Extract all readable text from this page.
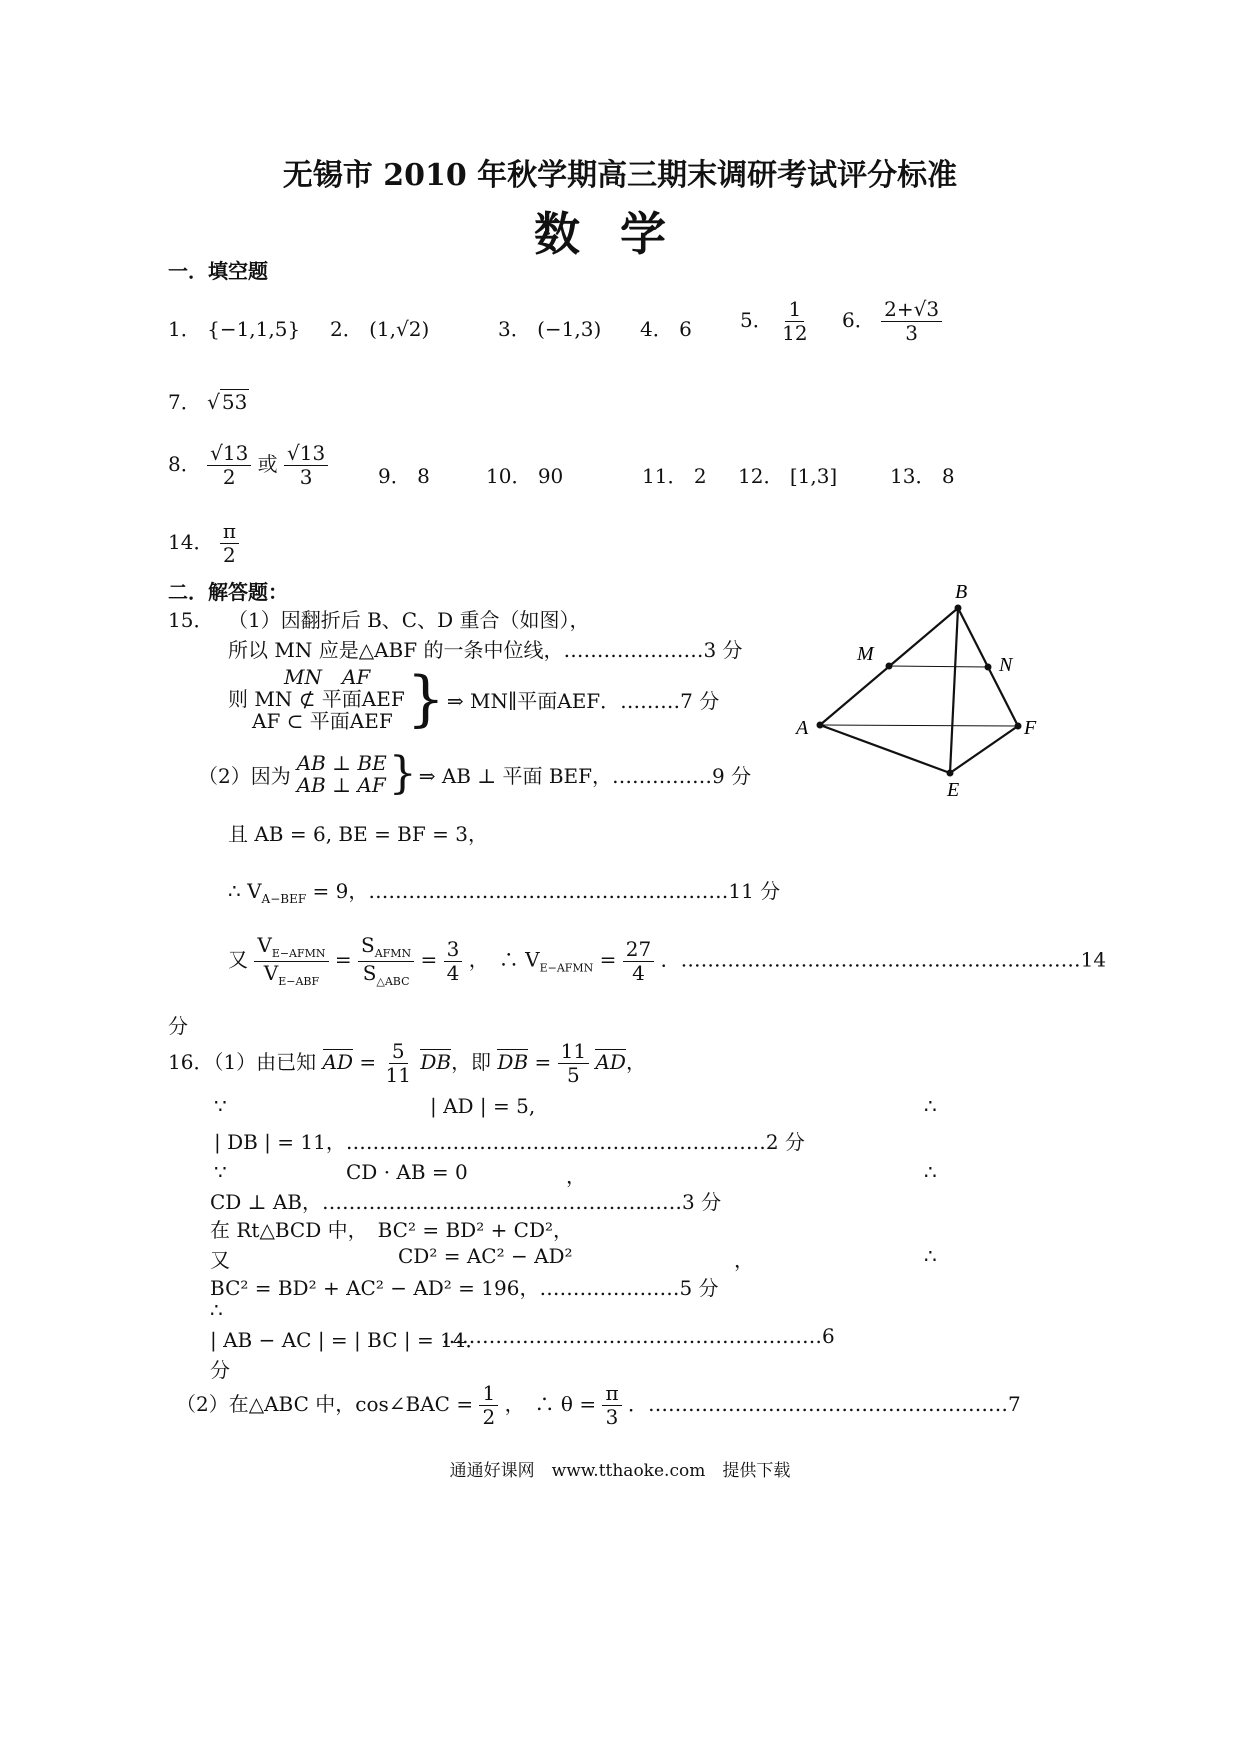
无锡市 2010 年秋学期高三期末调研考试评分标准
数学
一．填空题
1． {−1,1,5} 2． (1,√2)	3． (−1,3) 4． 6 5． $\frac{1}{12} 6$． $\frac{2+√3}{3}$
7． √ 53
8． $\frac{√13}{2}$ 或 $\frac{√13}{3} 9$． 8	10． 90	11． 2 12． [1,3]	13． 8
14． $\frac{\pi}{2}$
二．解答题：
15． （1）因翻折后 B、C、D 重合（如图），
所以 MN 应是△ABF 的一条中位线，…………………3 分
MN　AF
则 MN ⊄ 平面AEF
AF ⊂ 平面AEF } ⇒ MN∥平面AEF．………7 分
（2）因为
AB ⊥ BE
AB ⊥ AF } ⇒ AB ⊥ 平面 BEF，……………9 分
且 AB = 6, BE = BF = 3，
∴ $V_{A-BEF} = 9$，………………………………………………11 分
又 $\frac{V_{E-AFMN}}{V_{E-ABF}} = \frac{S_{AFMN}}{S_{\triangle ABC}} = \frac{3}{4}$ ，　∴ $V_{E-AFMN} = \frac{27}{4}$ ．……………………………………………………14
分
16．（1）由已知 AD = $\frac{5}{11}$ DB，即 DB = $\frac{11}{5}$ AD，
∵	| AD | = 5,	∴
| DB | = 11，………………………………………………………2 分
∵	CD · AB = 0	，	∴
CD ⊥ AB，………………………………………………3 分
在 Rt△BCD 中，　BC² = BD² + CD²，
又	CD² = AC² − AD²	，	∴
BC² = BD² + AC² − AD² = 196，…………………5 分
∴
| AB − AC | = | BC | = 14．
…………………………………………………6
分
（2）在△ABC 中，cos∠BAC = $\frac{1}{2}$ ，　∴ $\theta = \frac{\pi}{3}$ ．………………………………………………7
B
M	N
A	F
E
通通好课网　www.tthaoke.com　提供下载
